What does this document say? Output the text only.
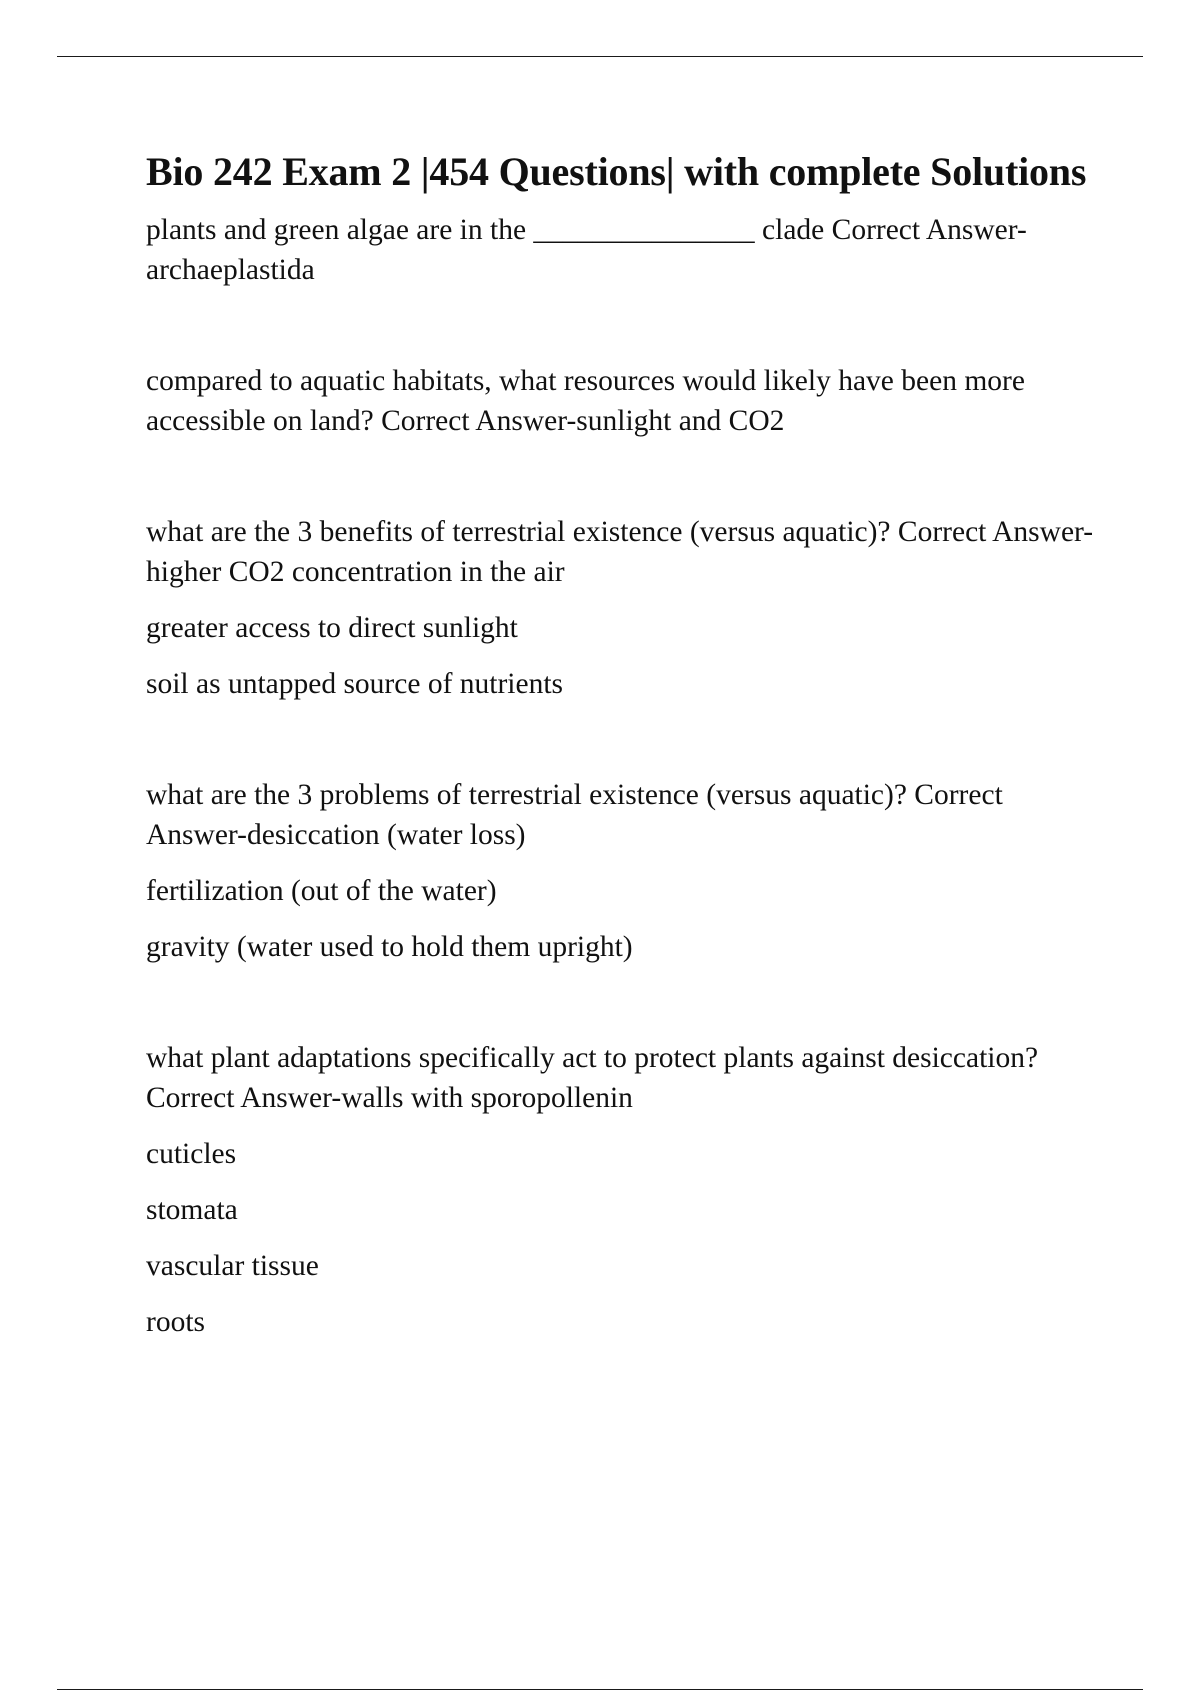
Bio 242 Exam 2 |454 Questions| with complete Solutions

plants and green algae are in the _______________ clade Correct Answer-archaeplastida

compared to aquatic habitats, what resources would likely have been more accessible on land? Correct Answer-sunlight and CO2

what are the 3 benefits of terrestrial existence (versus aquatic)? Correct Answer-higher CO2 concentration in the air

greater access to direct sunlight

soil as untapped source of nutrients

what are the 3 problems of terrestrial existence (versus aquatic)? Correct Answer-desiccation (water loss)

fertilization (out of the water)

gravity (water used to hold them upright)

what plant adaptations specifically act to protect plants against desiccation? Correct Answer-walls with sporopollenin

cuticles

stomata

vascular tissue

roots
